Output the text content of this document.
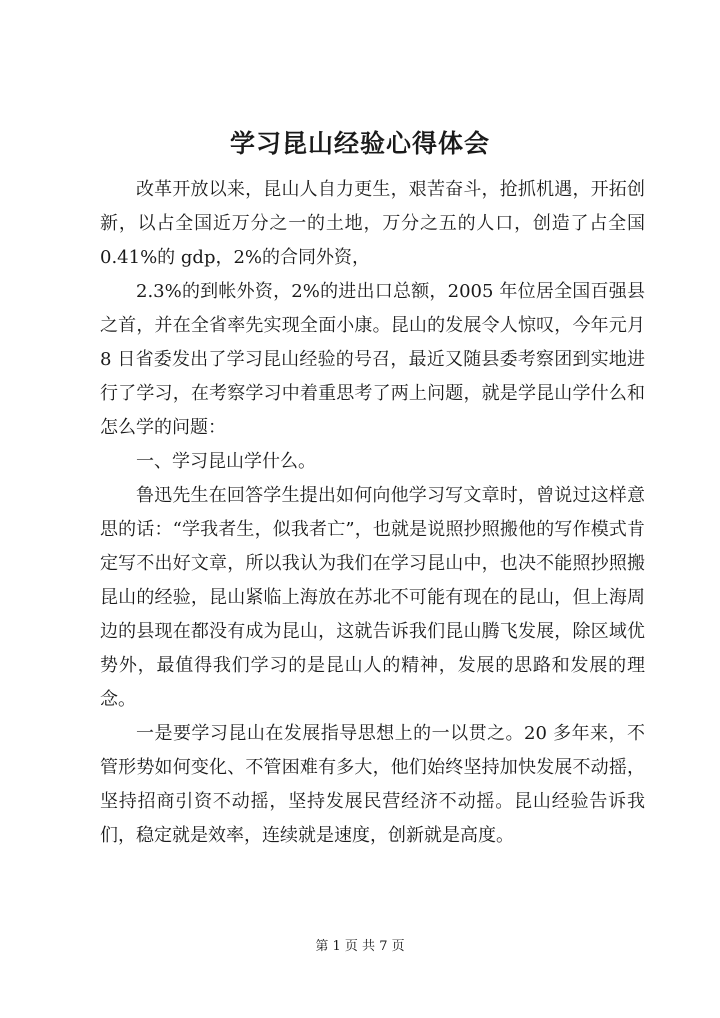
学习昆山经验心得体会

改革开放以来，昆山人自力更生，艰苦奋斗，抢抓机遇，开拓创新，以占全国近万分之一的土地，万分之五的人口，创造了占全国 0.41%的 gdp，2%的合同外资，

2.3%的到帐外资，2%的进出口总额，2005 年位居全国百强县之首，并在全省率先实现全面小康。昆山的发展令人惊叹，今年元月 8 日省委发出了学习昆山经验的号召，最近又随县委考察团到实地进行了学习，在考察学习中着重思考了两上问题，就是学昆山学什么和怎么学的问题：

一、学习昆山学什么。

鲁迅先生在回答学生提出如何向他学习写文章时，曾说过这样意思的话：“学我者生，似我者亡”，也就是说照抄照搬他的写作模式肯定写不出好文章，所以我认为我们在学习昆山中，也决不能照抄照搬昆山的经验，昆山紧临上海放在苏北不可能有现在的昆山，但上海周边的县现在都没有成为昆山，这就告诉我们昆山腾飞发展，除区域优势外，最值得我们学习的是昆山人的精神，发展的思路和发展的理念。

一是要学习昆山在发展指导思想上的一以贯之。20 多年来，不管形势如何变化、不管困难有多大，他们始终坚持加快发展不动摇，坚持招商引资不动摇，坚持发展民营经济不动摇。昆山经验告诉我们，稳定就是效率，连续就是速度，创新就是高度。

第 1 页 共 7 页
